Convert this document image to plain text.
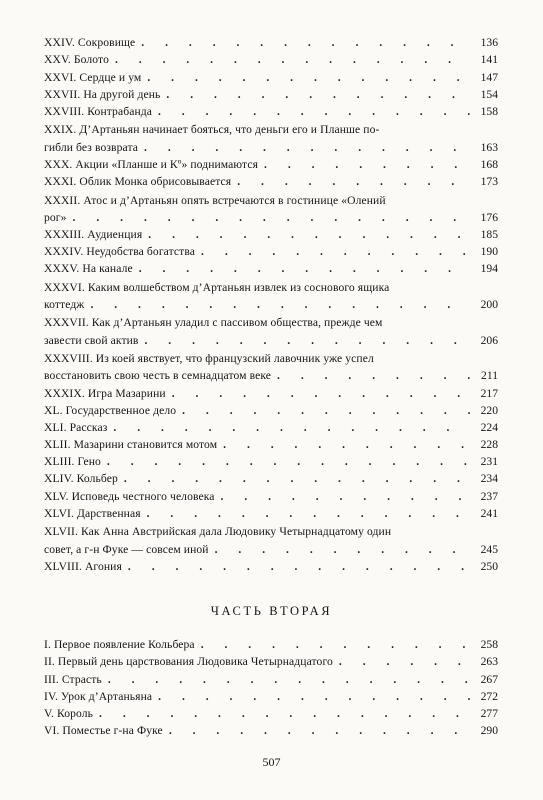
XXIV. Сокровище . . .	136
XXV. Болото . . .	141
XXVI. Сердце и ум . . .	147
XXVII. На другой день . . .	154
XXVIII. Контрабанда . . .	158
XXIX. Д’Артаньян начинает бояться, что деньги его и Планше по-
гибли без возврата . . .	163
XXX. Акции «Планше и Кº» поднимаются . . .	168
XXXI. Облик Монка обрисовывается . . .	173
XXXII. Атос и д’Артаньян опять встречаются в гостинице «Олений
рог» . . .	176
XXXIII. Аудиенция . . .	185
XXXIV. Неудобства богатства . . .	190
XXXV. На канале . . .	194
XXXVI. Каким волшебством д’Артаньян извлек из соснового ящика
коттедж . . .	200
XXXVII. Как д’Артаньян уладил с пассивом общества, прежде чем
завести свой актив . . .	206
XXXVIII. Из коей явствует, что французский лавочник уже успел
восстановить свою честь в семнадцатом веке . . .	211
XXXIX. Игра Мазарини . . .	217
XL. Государственное дело . . .	220
XLI. Рассказ . . .	224
XLII. Мазарини становится мотом . . .	228
XLIII. Гено . . .	231
XLIV. Кольбер . . .	234
XLV. Исповедь честного человека . . .	237
XLVI. Дарственная . . .	241
XLVII. Как Анна Австрийская дала Людовику Четырнадцатому один
совет, а г-н Фуке — совсем иной . . .	245
XLVIII. Агония . . .	250
ЧАСТЬ ВТОРАЯ
I. Первое появление Кольбера . . .	258
II. Первый день царствования Людовика Четырнадцатого . . .	263
III. Страсть . . .	267
IV. Урок д’Артаньяна . . .	272
V. Король . . .	277
VI. Поместье г-на Фуке . . .	290
507
